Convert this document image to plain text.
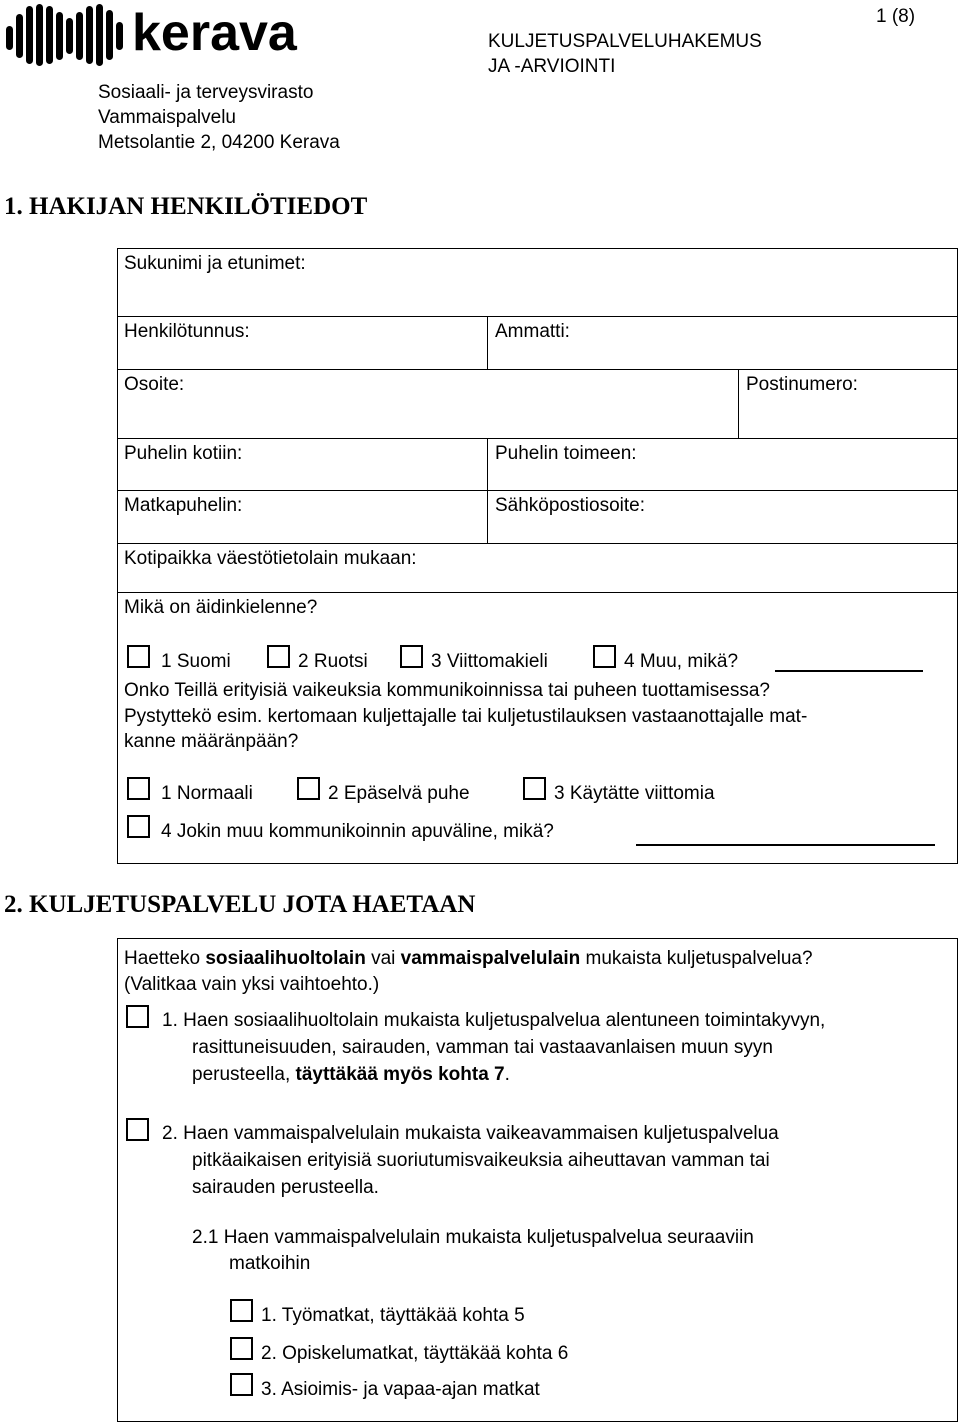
kerava	1 (8)
KULJETUSPALVELUHAKEMUS
JA -ARVIOINTI
Sosiaali- ja terveysvirasto
Vammaispalvelu
Metsolantie 2, 04200 Kerava
1. HAKIJAN HENKILÖTIEDOT
Sukunimi ja etunimet:
Henkilötunnus:	Ammatti:
Osoite:	Postinumero:
Puhelin kotiin:	Puhelin toimeen:
Matkapuhelin:	Sähköpostiosoite:
Kotipaikka väestötietolain mukaan:
Mikä on äidinkielenne?
1 Suomi	2 Ruotsi	3 Viittomakieli	4 Muu, mikä?
Onko Teillä erityisiä vaikeuksia kommunikoinnissa tai puheen tuottamisessa?
Pystyttekö esim. kertomaan kuljettajalle tai kuljetustilauksen vastaanottajalle mat-
kanne määränpään?
1 Normaali	2 Epäselvä puhe	3 Käytätte viittomia
4 Jokin muu kommunikoinnin apuväline, mikä?
2. KULJETUSPALVELU JOTA HAETAAN
Haetteko sosiaalihuoltolain vai vammaispalvelulain mukaista kuljetuspalvelua?
(Valitkaa vain yksi vaihtoehto.)
1. Haen sosiaalihuoltolain mukaista kuljetuspalvelua alentuneen toimintakyvyn,
rasittuneisuuden, sairauden, vamman tai vastaavanlaisen muun syyn
perusteella, täyttäkää myös kohta 7.
2. Haen vammaispalvelulain mukaista vaikeavammaisen kuljetuspalvelua
pitkäaikaisen erityisiä suoriutumisvaikeuksia aiheuttavan vamman tai
sairauden perusteella.
2.1 Haen vammaispalvelulain mukaista kuljetuspalvelua seuraaviin
matkoihin
1. Työmatkat, täyttäkää kohta 5
2. Opiskelumatkat, täyttäkää kohta 6
3. Asioimis- ja vapaa-ajan matkat
